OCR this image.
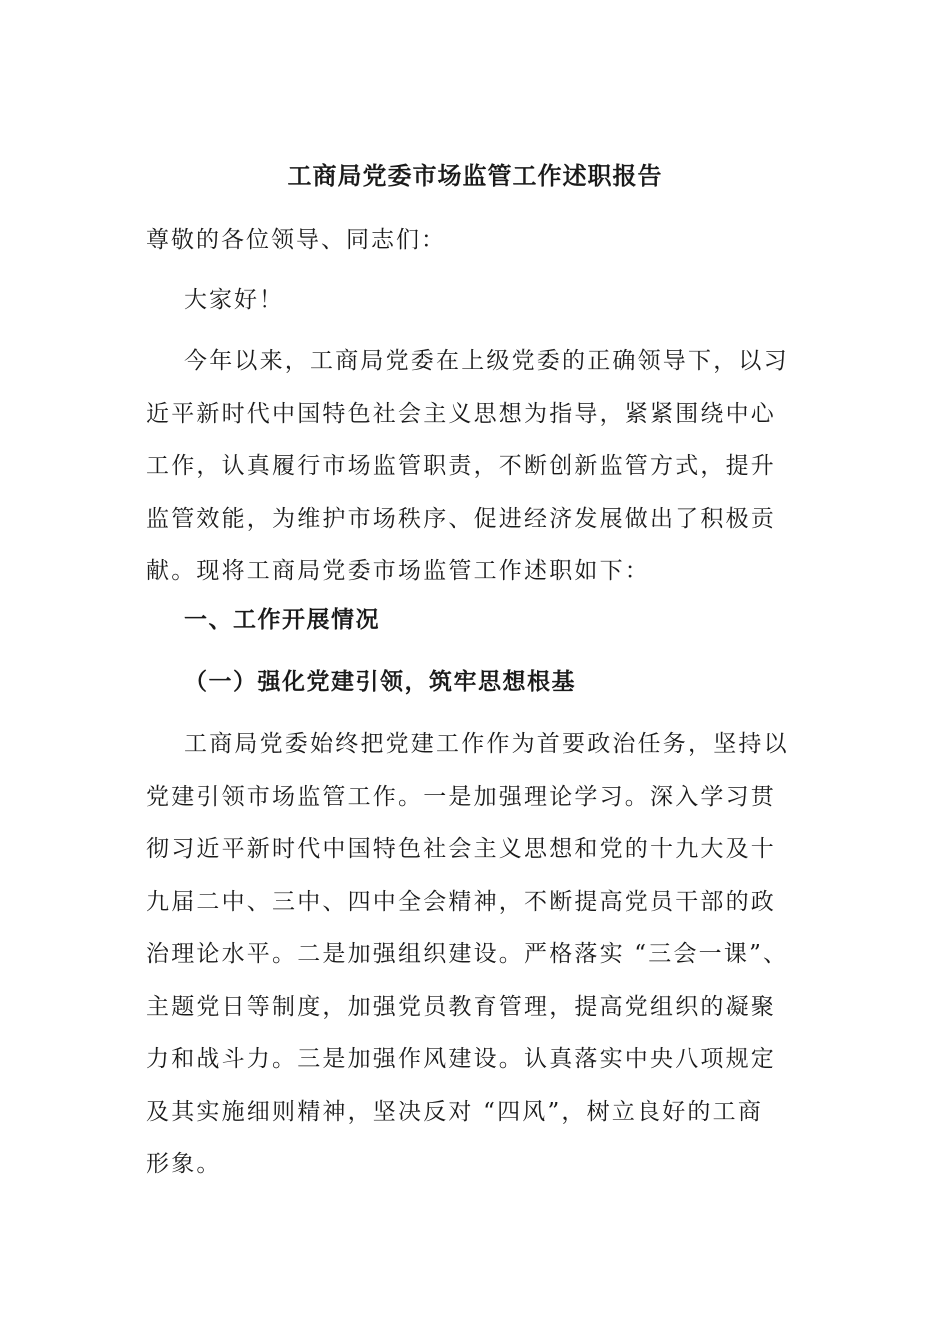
工商局党委市场监管工作述职报告
尊敬的各位领导、同志们：
大家好！
今年以来，工商局党委在上级党委的正确领导下，以习
近平新时代中国特色社会主义思想为指导，紧紧围绕中心
工作，认真履行市场监管职责，不断创新监管方式，提升
监管效能，为维护市场秩序、促进经济发展做出了积极贡
献。现将工商局党委市场监管工作述职如下：
一、工作开展情况
（一）强化党建引领，筑牢思想根基
工商局党委始终把党建工作作为首要政治任务，坚持以
党建引领市场监管工作。一是加强理论学习。深入学习贯
彻习近平新时代中国特色社会主义思想和党的十九大及十
九届二中、三中、四中全会精神，不断提高党员干部的政
治理论水平。二是加强组织建设。严格落实 “三会一课”、
主题党日等制度，加强党员教育管理，提高党组织的凝聚
力和战斗力。三是加强作风建设。认真落实中央八项规定
及其实施细则精神，坚决反对 “四风”，树立良好的工商
形象。
